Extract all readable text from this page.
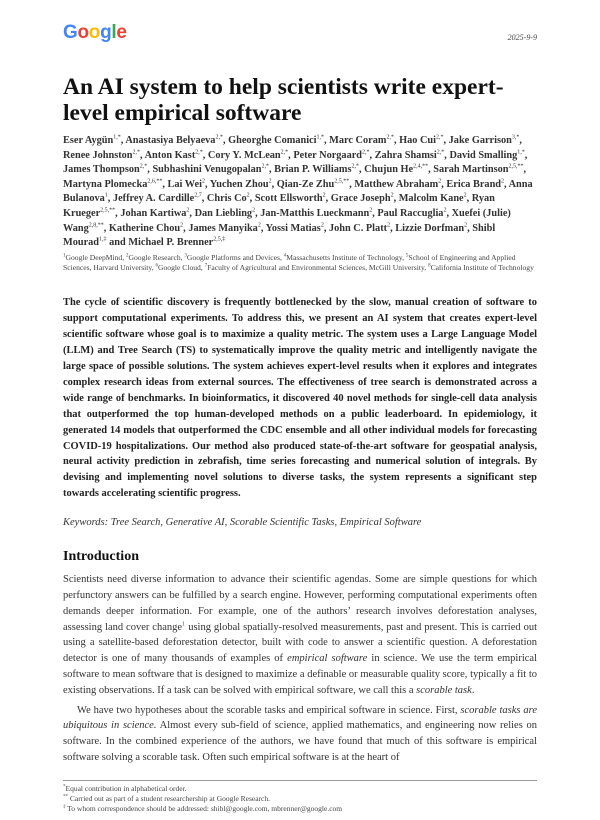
Google	2025-9-9
An AI system to help scientists write expert-level empirical software
Eser Aygün$^{1,*}$, Anastasiya Belyaeva$^{2,*}$, Gheorghe Comanici$^{1,*}$, Marc Coram$^{2,*}$, Hao Cui$^{2,*}$, Jake Garrison$^{3,*}$, Renee Johnston$^{2,*}$, Anton Kast$^{2,*}$, Cory Y. McLean$^{2,*}$, Peter Norgaard$^{2,*}$, Zahra Shamsi$^{2,*}$, David Smalling$^{1,*}$, James Thompson$^{2,*}$, Subhashini Venugopalan$^{2,*}$, Brian P. Williams$^{2,*}$, Chujun $He^{2,4,**}$, Sarah Martinson$^{2,5,**}$, Martyna Plomecka$^{2,6,**}$, Lai Wei$^2$, Yuchen Zhou$^2$, Qian-Ze Zhu$^{2,5,**}$, Matthew Abraham$^2$, Erica Brand$^2$, Anna Bulanova$^1$, Jeffrey A. Cardille$^{2,7}$, Chris Co$^2$, Scott Ellsworth$^2$, Grace Joseph$^2$, Malcolm Kane$^2$, Ryan Krueger$^{2,5,**}$, Johan Kartiwa$^2$, Dan Liebling$^2$, Jan-Matthis Lueckmann$^2$, Paul Raccuglia$^2$, Xuefei (Julie) Wang$^{2,8,**}$, Katherine Chou$^2$, James Manyika$^2$, Yossi Matias$^2$, John C. Platt$^2$, Lizzie Dorfman$^2$, Shibl Mourad$^{1,\ddagger}$ and Michael P. Brenner$^{2,5,\ddagger}$
$^1$Google DeepMind, $^2$Google Research, $^3$Google Platforms and Devices, $^4$Massachusetts Institute of Technology, $^5$School of Engineering and Applied Sciences, Harvard University, $^6$Google Cloud, $^7$Faculty of Agricultural and Environmental Sciences, McGill University, $^8$California Institute of Technology

The cycle of scientific discovery is frequently bottlenecked by the slow, manual creation of software to support computational experiments. To address this, we present an AI system that creates expert-level scientific software whose goal is to maximize a quality metric. The system uses a Large Language Model (LLM) and Tree Search (TS) to systematically improve the quality metric and intelligently navigate the large space of possible solutions. The system achieves expert-level results when it explores and integrates complex research ideas from external sources. The effectiveness of tree search is demonstrated across a wide range of benchmarks. In bioinformatics, it discovered 40 novel methods for single-cell data analysis that outperformed the top human-developed methods on a public leaderboard. In epidemiology, it generated 14 models that outperformed the CDC ensemble and all other individual models for forecasting COVID-19 hospitalizations. Our method also produced state-of-the-art software for geospatial analysis, neural activity prediction in zebrafish, time series forecasting and numerical solution of integrals. By devising and implementing novel solutions to diverse tasks, the system represents a significant step towards accelerating scientific progress.

Keywords: Tree Search, Generative AI, Scorable Scientific Tasks, Empirical Software
Introduction

Scientists need diverse information to advance their scientific agendas. Some are simple questions for which perfunctory answers can be fulfilled by a search engine. However, performing computational experiments often demands deeper information. For example, one of the authors’ research involves deforestation analyses, assessing land cover change$^1$ using global spatially-resolved measurements, past and present. This is carried out using a satellite-based deforestation detector, built with code to answer a scientific question. A deforestation detector is one of many thousands of examples of empirical software in science. We use the term empirical software to mean software that is designed to maximize a definable or measurable quality score, typically a fit to existing observations. If a task can be solved with empirical software, we call this a scorable task.

We have two hypotheses about the scorable tasks and empirical software in science. First, scorable tasks are ubiquitous in science. Almost every sub-field of science, applied mathematics, and engineering now relies on software. In the combined experience of the authors, we have found that much of this software is empirical software solving a scorable task. Often such empirical software is at the heart of

*Equal contribution in alphabetical order.
** Carried out as part of a student researchership at Google Research.
‡ To whom correspondence should be addressed: shibl@google.com, mbrenner@google.com
